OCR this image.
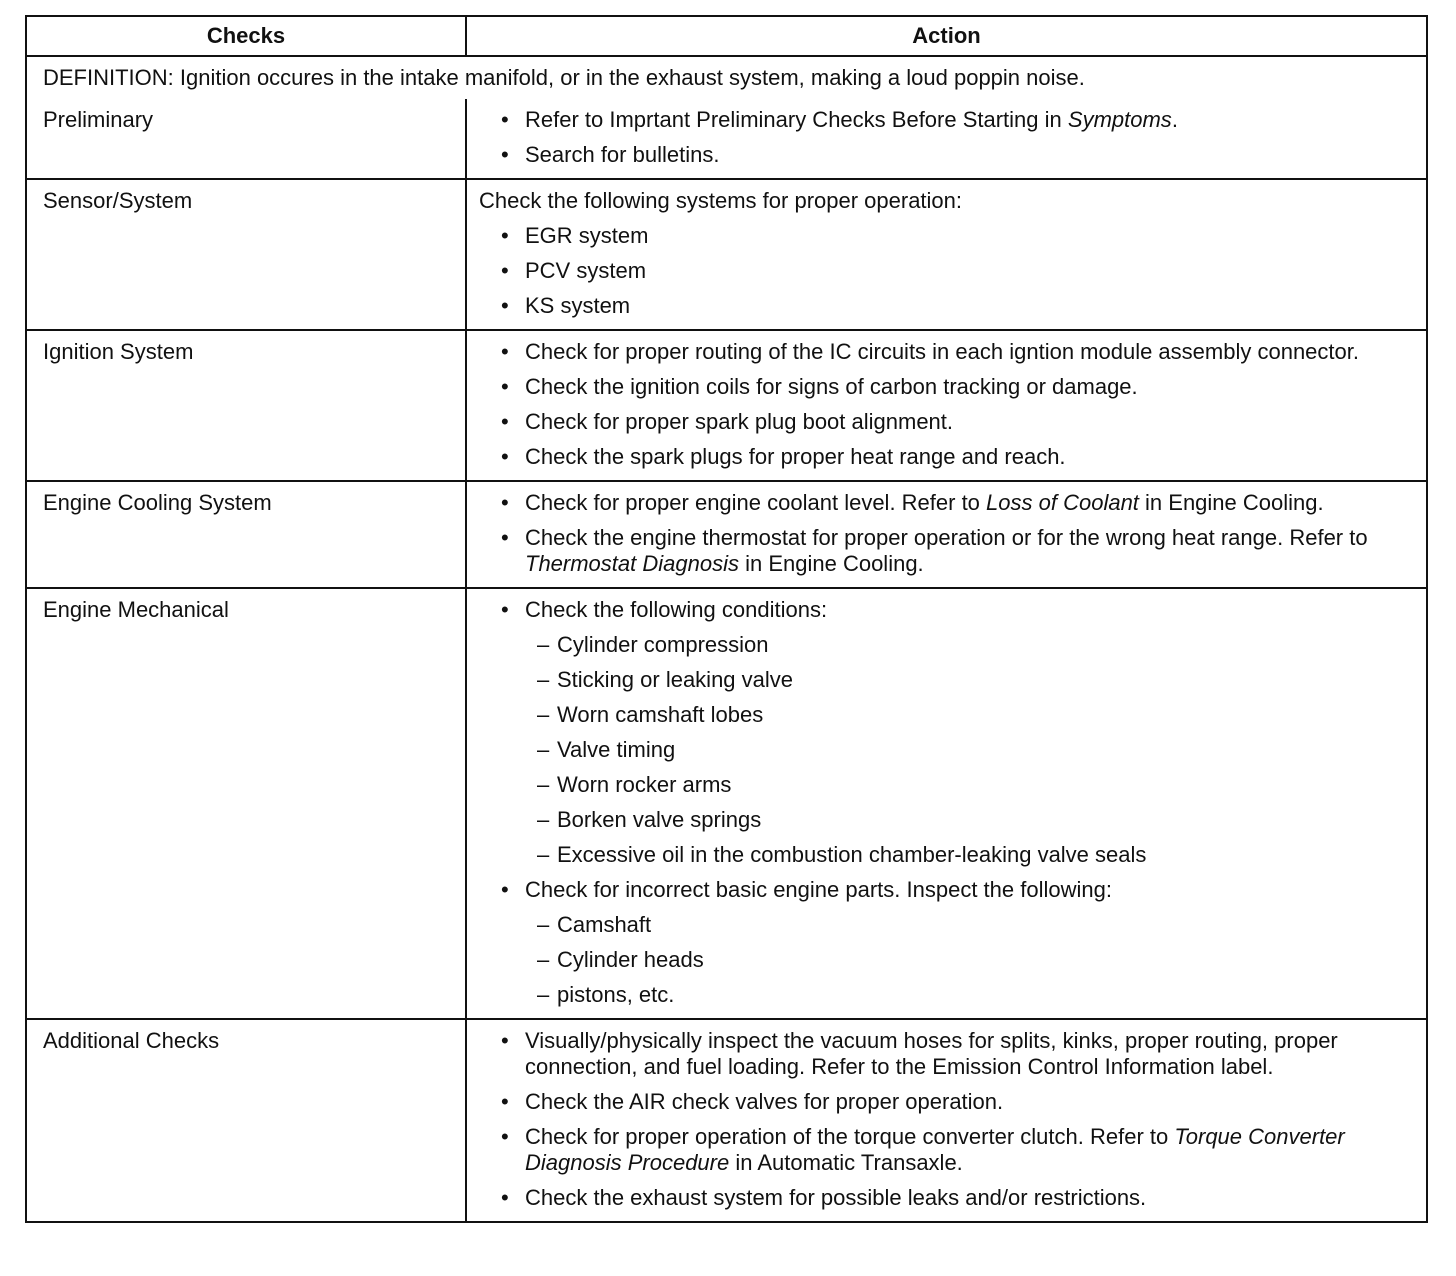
Checks	Action
DEFINITION: Ignition occures in the intake manifold, or in the exhaust system, making a loud poppin noise.
Preliminary	• Refer to Imprtant Preliminary Checks Before Starting in Symptoms.
• Search for bulletins.
Sensor/System	Check the following systems for proper operation:
• EGR system
• PCV system
• KS system
Ignition System	• Check for proper routing of the IC circuits in each igntion module assembly connector.
• Check the ignition coils for signs of carbon tracking or damage.
• Check for proper spark plug boot alignment.
• Check the spark plugs for proper heat range and reach.
Engine Cooling System	• Check for proper engine coolant level. Refer to Loss of Coolant in Engine Cooling.
• Check the engine thermostat for proper operation or for the wrong heat range. Refer to Thermostat Diagnosis in Engine Cooling.
Engine Mechanical	• Check the following conditions:
– Cylinder compression
– Sticking or leaking valve
– Worn camshaft lobes
– Valve timing
– Worn rocker arms
– Borken valve springs
– Excessive oil in the combustion chamber-leaking valve seals
• Check for incorrect basic engine parts. Inspect the following:
– Camshaft
– Cylinder heads
– pistons, etc.
Additional Checks	• Visually/physically inspect the vacuum hoses for splits, kinks, proper routing, proper connection, and fuel loading. Refer to the Emission Control Information label.
• Check the AIR check valves for proper operation.
• Check for proper operation of the torque converter clutch. Refer to Torque Converter Diagnosis Procedure in Automatic Transaxle.
• Check the exhaust system for possible leaks and/or restrictions.
